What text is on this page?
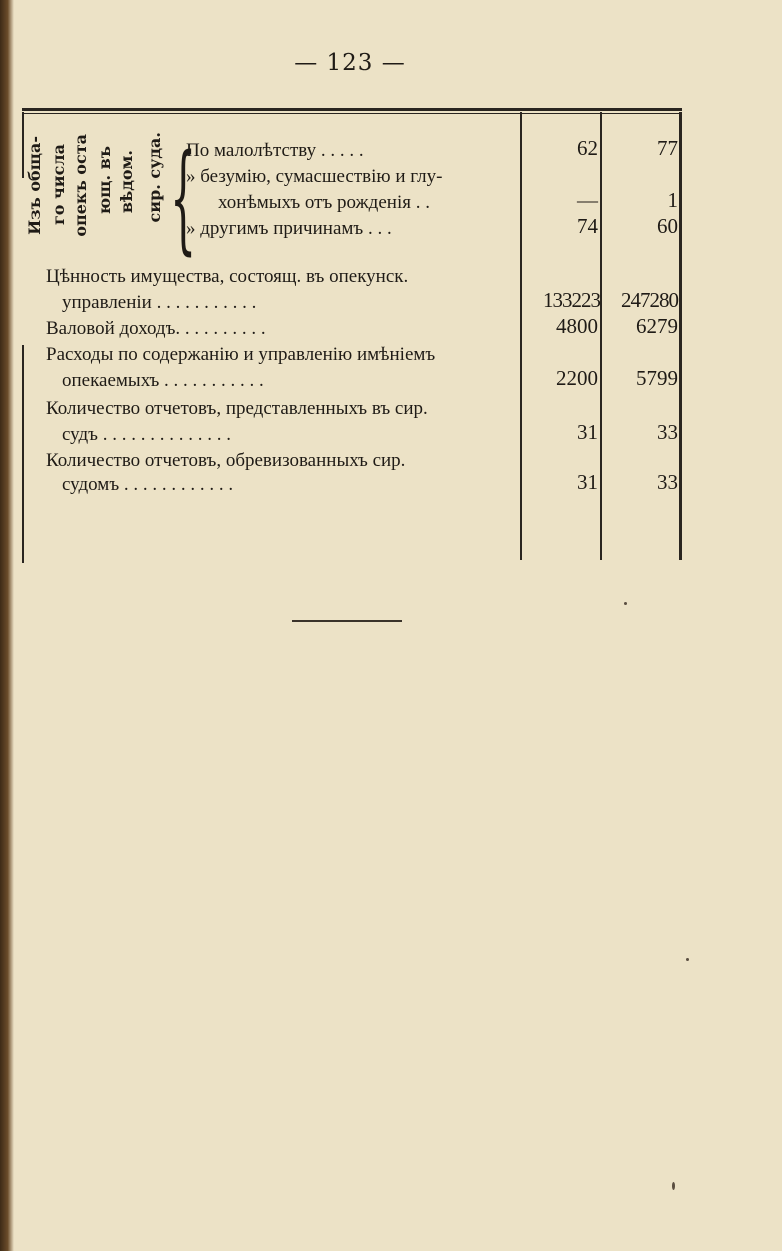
— 123 —
Изъ обща- го числа опекъ оста ющ. въ вѣдом. сир. суда. {
По малолѣтству . . . . .
» безумію, сумасшествію и глу-
хонѣмыхъ отъ рожденія . .
» другимъ причинамъ . . .
Цѣнность имущества, состоящ. въ опекунск.
управленіи . . . . . . . . . . .
Валовой доходъ. . . . . . . . . .
Расходы по содержанію и управленію имѣніемъ
опекаемыхъ . . . . . . . . . . .
Количество отчетовъ, представленныхъ въ сир.
судъ . . . . . . . . . . . . . .
Количество отчетовъ, обревизованныхъ сир.
судомъ . . . . . . . . . . . .
62
—
74
133223
4800
2200
31
31
77
1
60
247280
6279
5799
33
33
